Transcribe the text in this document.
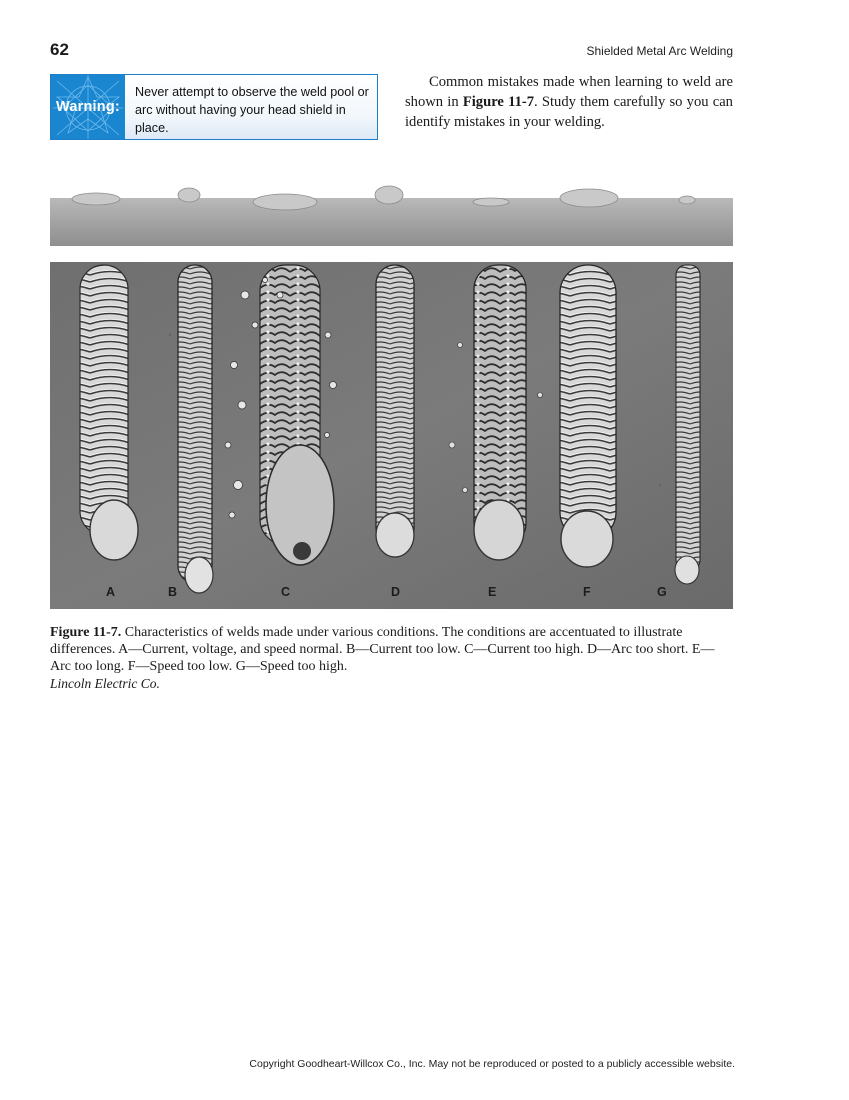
62	Shielded Metal Arc Welding
Warning:
Never attempt to observe the weld pool or arc without having your head shield in place.

Common mistakes made when learning to weld are shown in Figure 11-7. Study them carefully so you can identify mistakes in your welding.

A	B	C	D	E	F	G

Figure 11-7. Characteristics of welds made under various conditions. The conditions are accentuated to illustrate differences. A—Current, voltage, and speed normal. B—Current too low. C—Current too high. D—Arc too short. E—Arc too long. F—Speed too low. G—Speed too high.

Lincoln Electric Co.
Copyright Goodheart-Willcox Co., Inc. May not be reproduced or posted to a publicly accessible website.
